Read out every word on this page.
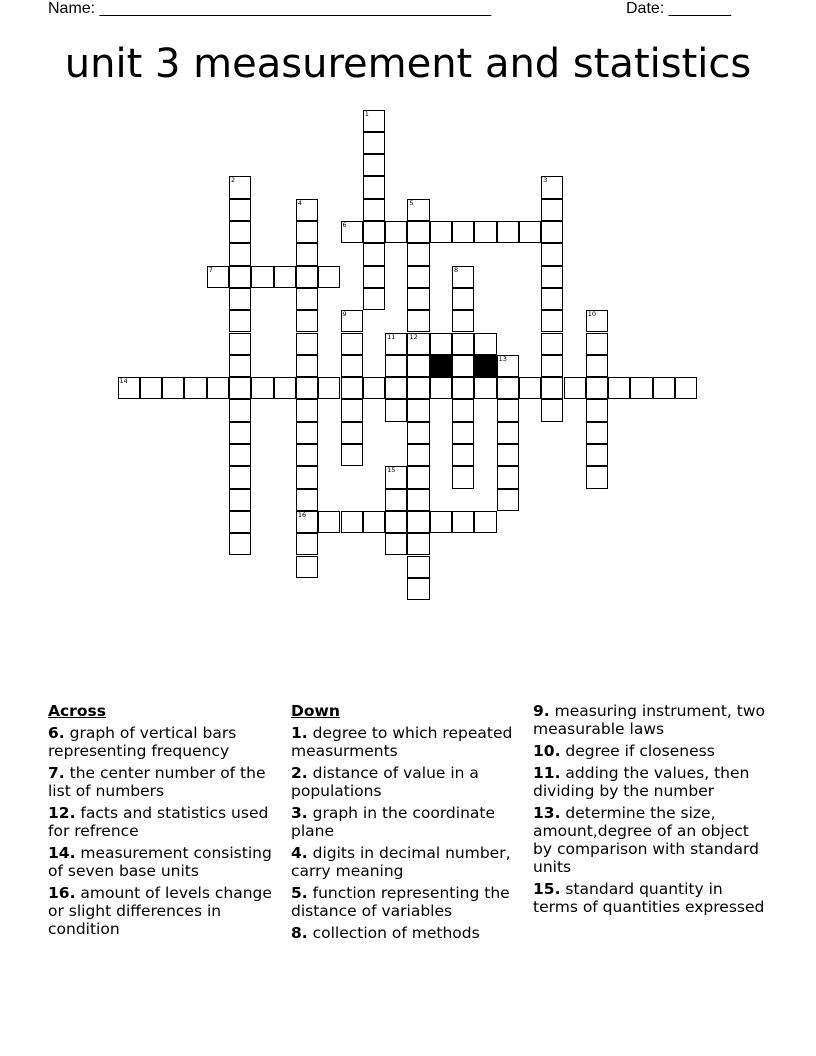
Name: ____________________________________________	Date: _______
unit 3 measurement and statistics
1
2	3
4
16
5
12
6
7	8
9	10
11
13
14
15
Across
6. graph of vertical bars representing frequency
7. the center number of the list of numbers
12. facts and statistics used for refrence
14. measurement consisting of seven base units
16. amount of levels change or slight differences in condition
Down
1. degree to which repeated measurments
2. distance of value in a populations
3. graph in the coordinate plane
4. digits in decimal number, carry meaning
5. function representing the distance of variables
8. collection of methods
9. measuring instrument, two measurable laws
10. degree if closeness
11. adding the values, then dividing by the number
13. determine the size, amount,degree of an object by comparison with standard units
15. standard quantity in terms of quantities expressed
